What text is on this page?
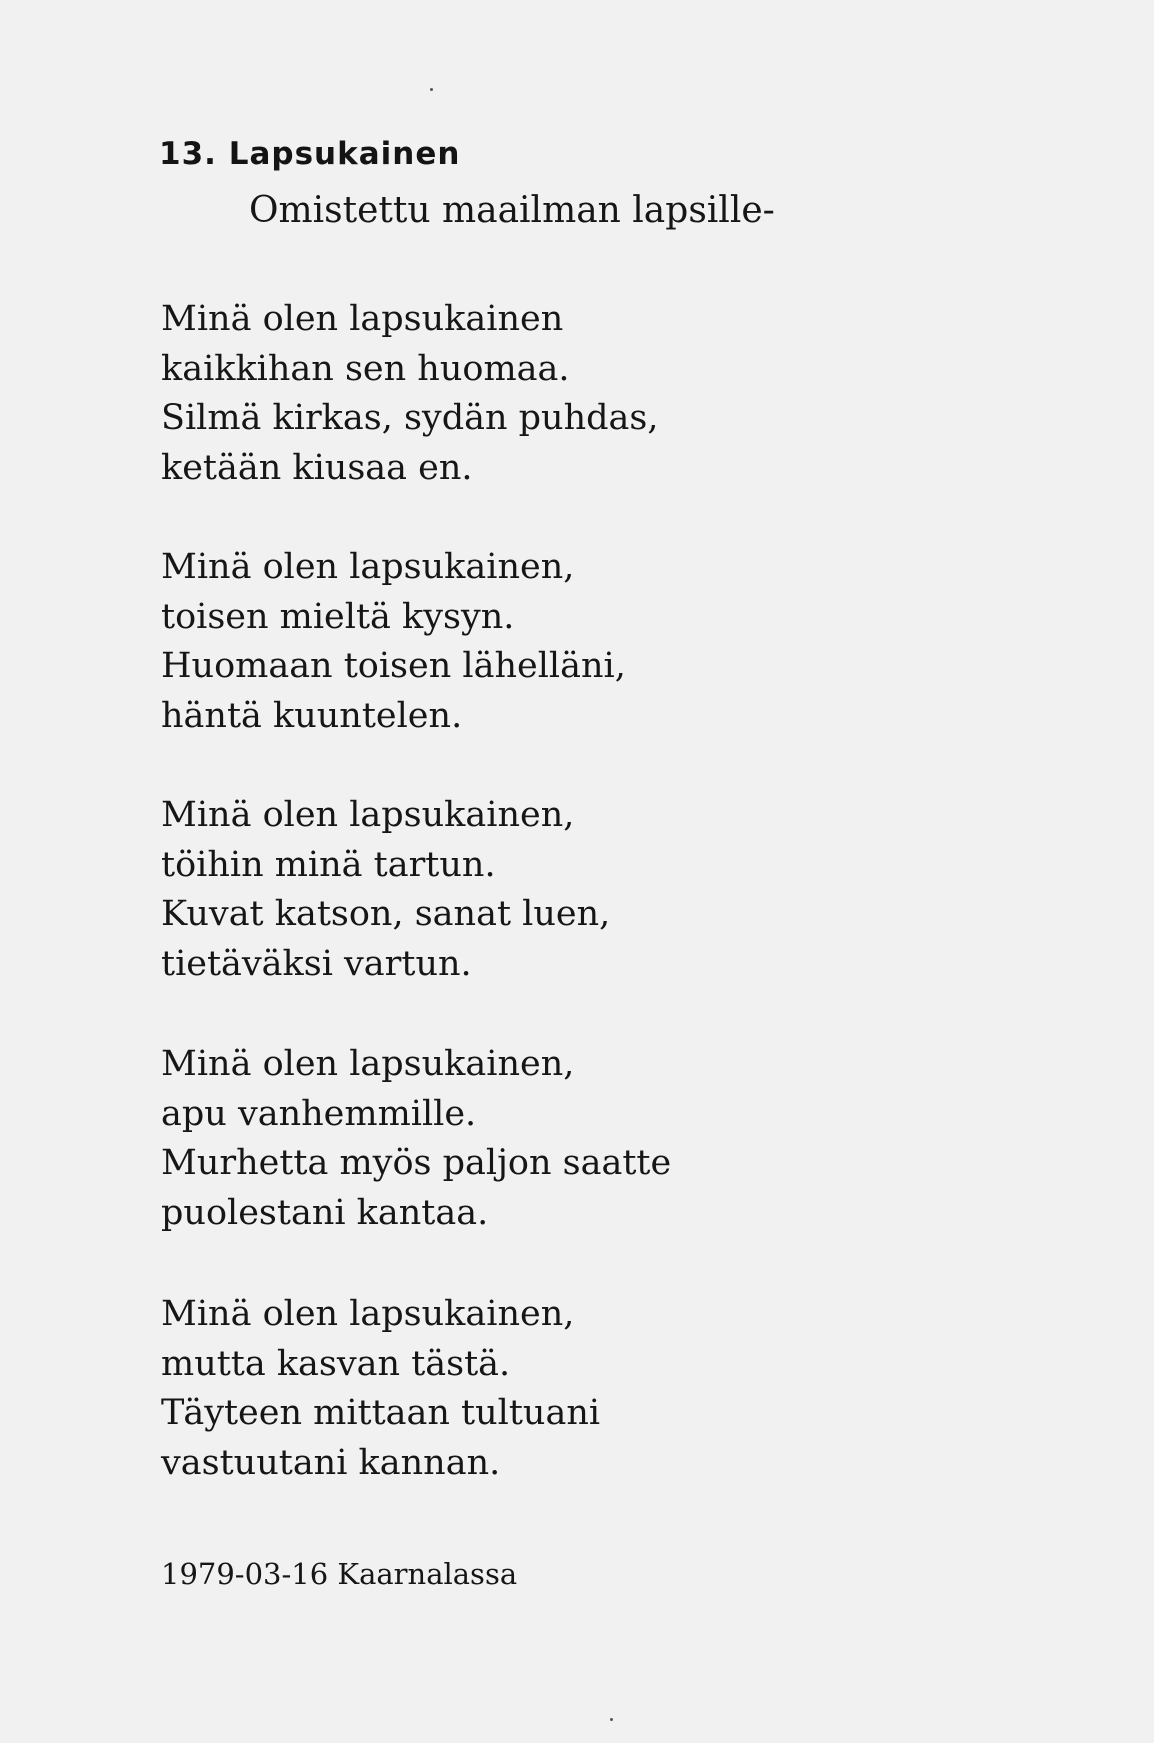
13. Lapsukainen
Omistettu maailman lapsille-
Minä olen lapsukainen
kaikkihan sen huomaa.
Silmä kirkas, sydän puhdas,
ketään kiusaa en.
Minä olen lapsukainen,
toisen mieltä kysyn.
Huomaan toisen lähelläni,
häntä kuuntelen.
Minä olen lapsukainen,
töihin minä tartun.
Kuvat katson, sanat luen,
tietäväksi vartun.
Minä olen lapsukainen,
apu vanhemmille.
Murhetta myös paljon saatte
puolestani kantaa.
Minä olen lapsukainen,
mutta kasvan tästä.
Täyteen mittaan tultuani
vastuutani kannan.
1979-03-16 Kaarnalassa
